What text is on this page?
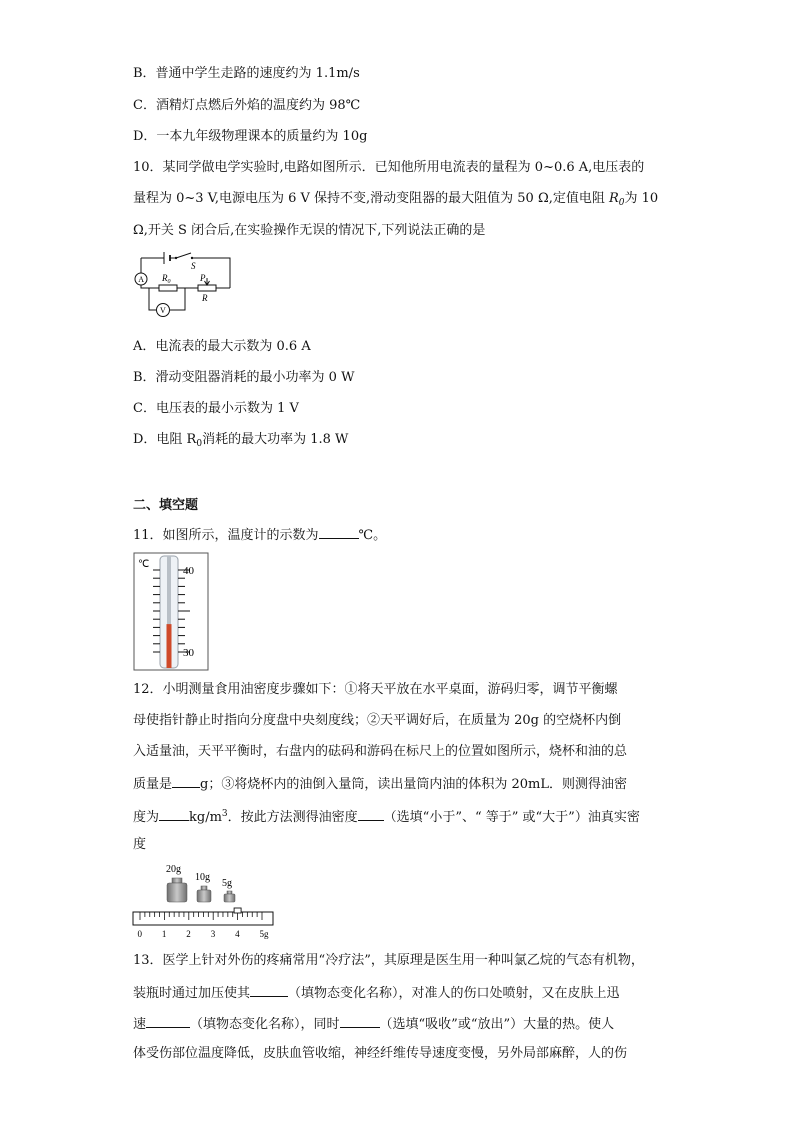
B．普通中学生走路的速度约为 1.1m/s
C．酒精灯点燃后外焰的温度约为 98℃
D．一本九年级物理课本的质量约为 10g
10．某同学做电学实验时,电路如图所示．已知他所用电流表的量程为 0~0.6 A,电压表的
量程为 0~3 V,电源电压为 6 V 保持不变,滑动变阻器的最大阻值为 50 Ω,定值电阻 $R_0$为 10
Ω,开关 S 闭合后,在实验操作无误的情况下,下列说法正确的是
S
A $R_0$	P
R
V
A．电流表的最大示数为 0.6 A
B．滑动变阻器消耗的最小功率为 0 W
C．电压表的最小示数为 1 V
D．电阻 $R_0$消耗的最大功率为 1.8 W
二、填空题
11．如图所示，温度计的示数为	℃。
℃
40
30
12．小明测量食用油密度步骤如下：①将天平放在水平桌面，游码归零，调节平衡螺
母使指针静止时指向分度盘中央刻度线；②天平调好后，在质量为 20g 的空烧杯内倒
入适量油，天平平衡时，右盘内的砝码和游码在标尺上的位置如图所示，烧杯和油的总
质量是 g；③将烧杯内的油倒入量筒，读出量筒内油的体积为 20mL．则测得油密
度为 $kg/m^3$．按此方法测得油密度 （选填“小于”、“ 等于” 或“大于”）油真实密
度
20g
10g
5g
0 1 2 3 4 5g
13．医学上针对外伤的疼痛常用“冷疗法”，其原理是医生用一种叫氯乙烷的气态有机物，
装瓶时通过加压使其	（填物态变化名称），对准人的伤口处喷射，又在皮肤上迅
速	（填物态变化名称），同时	（选填“吸收”或“放出”）大量的热。使人
体受伤部位温度降低，皮肤血管收缩，神经纤维传导速度变慢，另外局部麻醉，人的伤
